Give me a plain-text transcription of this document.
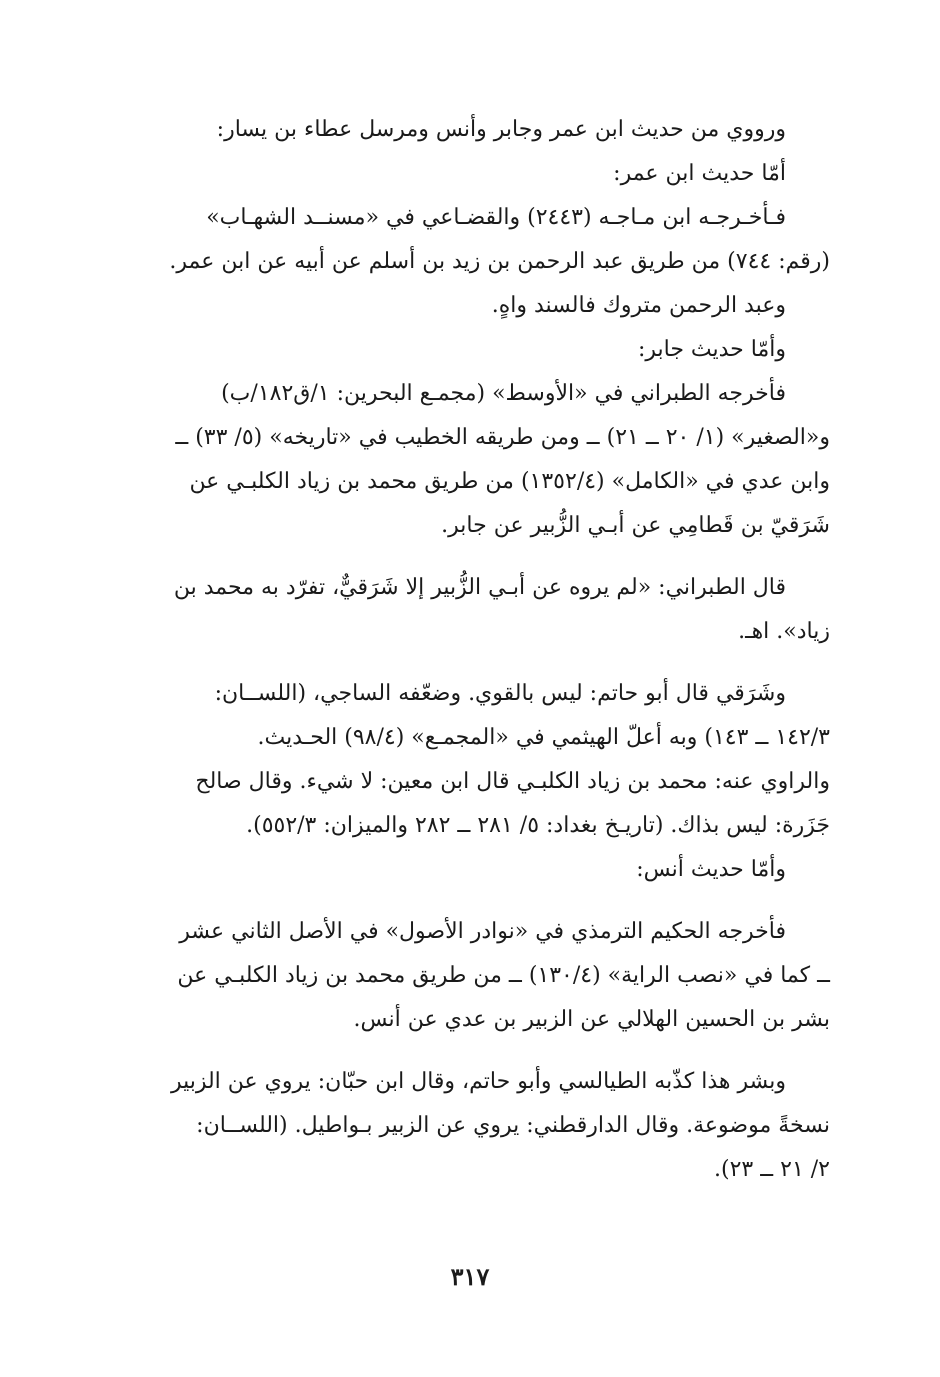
ورووي من حديث ابن عمر وجابر وأنس ومرسل عطاء بن يسار:
أمّا حديث ابن عمر:
فـأخـرجـه ابن مـاجـه (٢٤٤٣) والقضـاعي في «مسنــد الشهـاب»
(رقم: ٧٤٤) من طريق عبد الرحمن بن زيد بن أسلم عن أبيه عن ابن عمر.
وعبد الرحمن متروك فالسند واهٍ.
وأمّا حديث جابر:
فأخرجه الطبراني في «الأوسط» (مجمـع البحرين: ١/ق١٨٢/ب)
و«الصغير» (١/ ٢٠ ــ ٢١) ــ ومن طريقه الخطيب في «تاريخه» (٥/ ٣٣) ــ
وابن عدي في «الكامل» (١٣٥٢/٤) من طريق محمد بن زياد الكلبـي عن
شَرَقيّ بن قَطامِي عن أبـي الزُّبير عن جابر.
قال الطبراني: «لم يروه عن أبـي الزُّبير إلا شَرَقيٌّ، تفرّد به محمد بن
زياد». اهـ.
وشَرَقي قال أبو حاتم: ليس بالقوي. وضعّفه الساجي، (اللســان:
١٤٢/٣ ــ ١٤٣) وبه أعلّ الهيثمي في «المجمـع» (٩٨/٤) الحـديث.
والراوي عنه: محمد بن زياد الكلبـي قال ابن معين: لا شيء. وقال صالح
جَزَرة: ليس بذاك. (تاريـخ بغداد: ٥/ ٢٨١ ــ ٢٨٢ والميزان: ٥٥٢/٣).
وأمّا حديث أنس:
فأخرجه الحكيم الترمذي في «نوادر الأصول» في الأصل الثاني عشر
ــ كما في «نصب الراية» (١٣٠/٤) ــ من طريق محمد بن زياد الكلبـي عن
بشر بن الحسين الهلالي عن الزبير بن عدي عن أنس.
وبشر هذا كذّبه الطيالسي وأبو حاتم، وقال ابن حبّان: يروي عن الزبير
نسخةً موضوعة. وقال الدارقطني: يروي عن الزبير بـواطيل. (اللســان:
٢/ ٢١ ــ ٢٣).
٣١٧
